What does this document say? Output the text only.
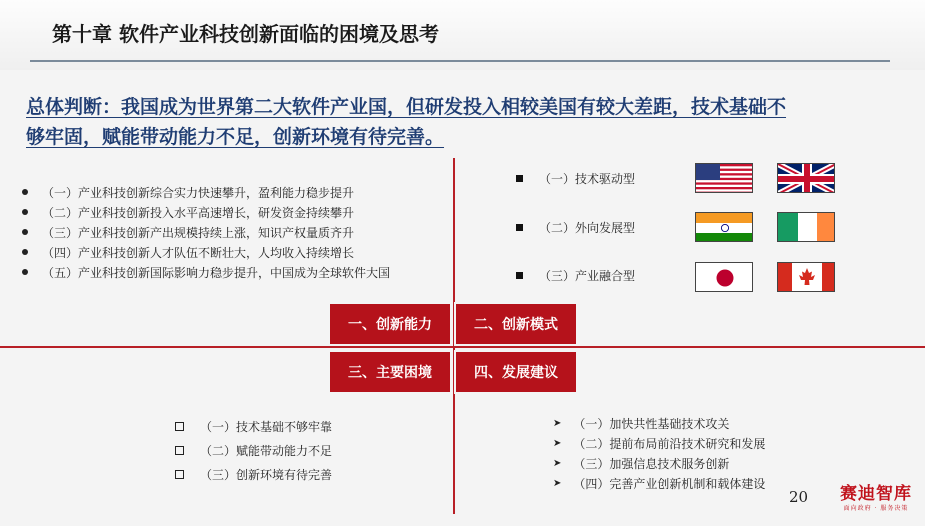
第十章 软件产业科技创新面临的困境及思考
总体判断：我国成为世界第二大软件产业国，但研发投入相较美国有较大差距，技术基础不
够牢固，赋能带动能力不足，创新环境有待完善。
（一）产业科技创新综合实力快速攀升，盈利能力稳步提升
（二）产业科技创新投入水平高速增长，研发资金持续攀升
（三）产业科技创新产出规模持续上涨，知识产权量质齐升
（四）产业科技创新人才队伍不断壮大，人均收入持续增长
（五）产业科技创新国际影响力稳步提升，中国成为全球软件大国
（一）技术驱动型
（二）外向发展型
（三）产业融合型
一、创新能力	二、创新模式
三、主要困境	四、发展建议
（一）技术基础不够牢靠
（二）赋能带动能力不足
（三）创新环境有待完善
➤ （一）加快共性基础技术攻关
➤ （二）提前布局前沿技术研究和发展
➤ （三）加强信息技术服务创新
➤ （四）完善产业创新机制和载体建设
20 赛迪智库
面向政府 · 服务决策
